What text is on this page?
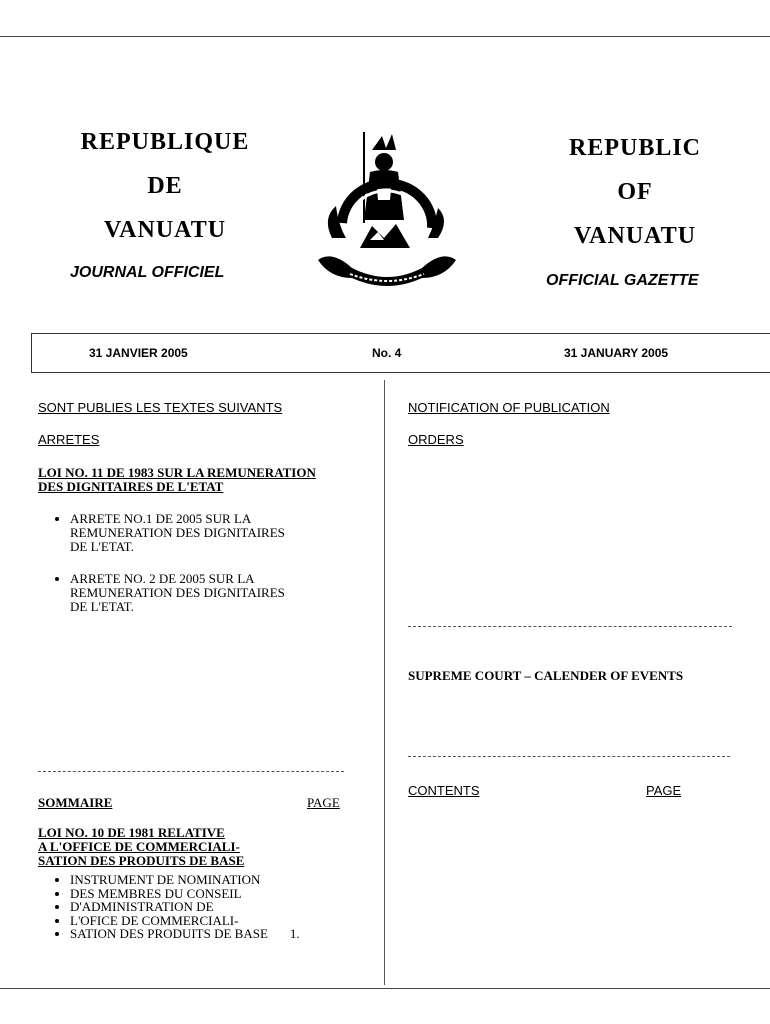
REPUBLIQUE
DE
VANUATU
JOURNAL OFFICIEL
REPUBLIC
OF
VANUATU
OFFICIAL GAZETTE
31 JANVIER 2005	No. 4	31 JANUARY 2005
SONT PUBLIES LES TEXTES SUIVANTS
ARRETES
LOI NO. 11 DE 1983 SUR LA REMUNERATION DES DIGNITAIRES DE L'ETAT
• ARRETE NO.1 DE 2005 SUR LA
REMUNERATION DES DIGNITAIRES
DE L'ETAT.
• ARRETE NO. 2 DE 2005 SUR LA
REMUNERATION DES DIGNITAIRES
DE L'ETAT.
SOMMAIRE	PAGE
LOI NO. 10 DE 1981 RELATIVE
A L'OFFICE DE COMMERCIALI-
SATION DES PRODUITS DE BASE
• INSTRUMENT DE NOMINATION
• DES MEMBRES DU CONSEIL
• D'ADMINISTRATION DE
• L'OFICE DE COMMERCIALI-
• SATION DES PRODUITS DE BASE 1.
NOTIFICATION OF PUBLICATION
ORDERS
SUPREME COURT – CALENDER OF EVENTS
CONTENTS	PAGE
